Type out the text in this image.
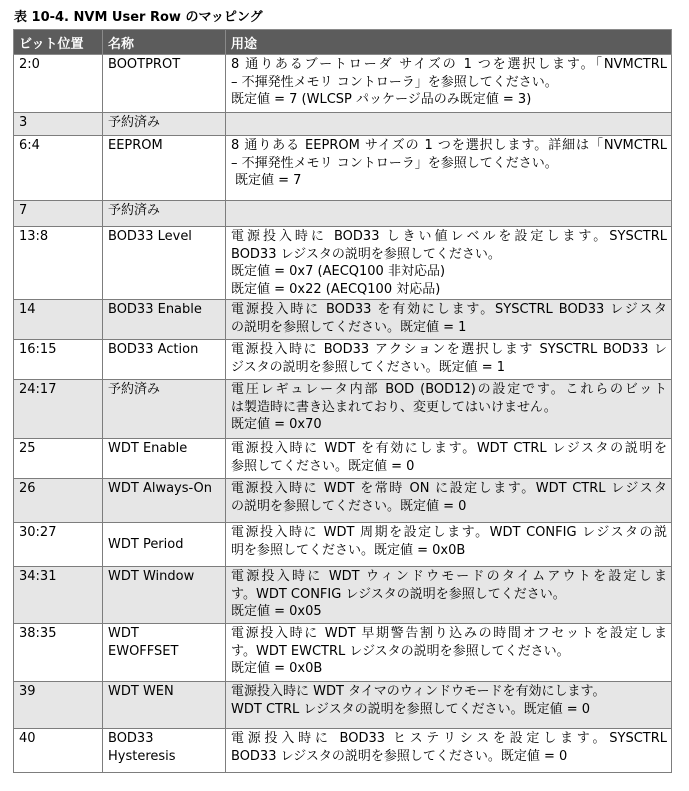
表 10-4. NVM User Row のマッピング
ビット位置	名称	用途
2:0	BOOTPROT	8 通りあるブートローダ サイズの 1 つを選択します。「NVMCTRL
– 不揮発性メモリ コントローラ」を参照してください。
既定値 = 7 (WLCSP パッケージ品のみ既定値 = 3)

3	予約済み	

6:4	EEPROM	8 通りある EEPROM サイズの 1 つを選択します。詳細は「NVMCTRL
– 不揮発性メモリ コントローラ」を参照してください。
既定値 = 7

7	予約済み	

13:8	BOD33 Level	電源投入時に BOD33 しきい値レベルを設定します。SYSCTRL
BOD33 レジスタの説明を参照してください。
既定値 = 0x7 (AECQ100 非対応品)
既定値 = 0x22 (AECQ100 対応品)

14	BOD33 Enable	電源投入時に BOD33 を有効にします。SYSCTRL BOD33 レジスタ
の説明を参照してください。既定値 = 1

16:15	BOD33 Action	電源投入時に BOD33 アクションを選択します SYSCTRL BOD33 レ
ジスタの説明を参照してください。既定値 = 1

24:17	予約済み	電圧レギュレータ内部 BOD (BOD12)の設定です。これらのビット
は製造時に書き込まれており、変更してはいけません。
既定値 = 0x70

25	WDT Enable	電源投入時に WDT を有効にします。WDT CTRL レジスタの説明を
参照してください。既定値 = 0

26	WDT Always-On	電源投入時に WDT を常時 ON に設定します。WDT CTRL レジスタ
の説明を参照してください。既定値 = 0

30:27	WDT Period	電源投入時に WDT 周期を設定します。WDT CONFIG レジスタの説
明を参照してください。既定値 = 0x0B

34:31	WDT Window	電源投入時に WDT ウィンドウモードのタイムアウトを設定しま
す。WDT CONFIG レジスタの説明を参照してください。
既定値 = 0x05

38:35	WDT
EWOFFSET	電源投入時に WDT 早期警告割り込みの時間オフセットを設定しま
す。WDT EWCTRL レジスタの説明を参照してください。
既定値 = 0x0B

39	WDT WEN	電源投入時に WDT タイマのウィンドウモードを有効にします。
WDT CTRL レジスタの説明を参照してください。既定値 = 0

40	BOD33
Hysteresis	電源投入時に BOD33 ヒステリシスを設定します。SYSCTRL
BOD33 レジスタの説明を参照してください。既定値 = 0
